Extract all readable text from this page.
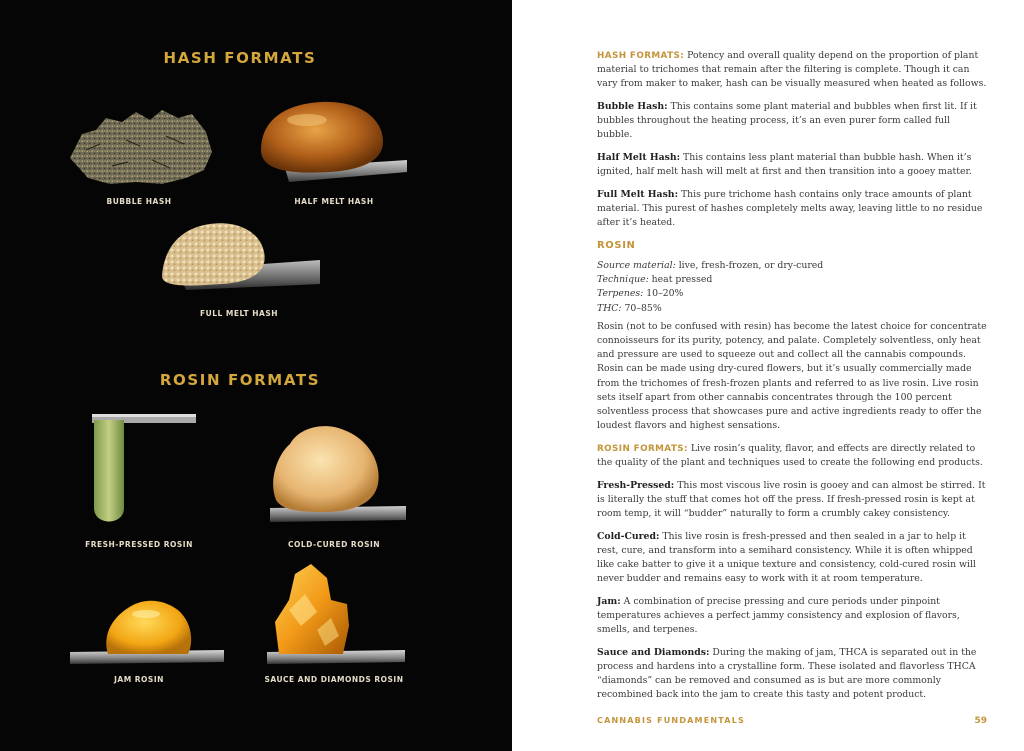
HASH FORMATS
BUBBLE HASH	HALF MELT HASH
FULL MELT HASH
ROSIN FORMATS
FRESH-PRESSED ROSIN	COLD-CURED ROSIN
JAM ROSIN	SAUCE AND DIAMONDS ROSIN

HASH FORMATS: Potency and overall quality depend on the proportion of plant material to trichomes that remain after the filtering is complete. Though it can vary from maker to maker, hash can be visually measured when heated as follows.

Bubble Hash: This contains some plant material and bubbles when first lit. If it bubbles throughout the heating process, it’s an even purer form called full bubble.

Half Melt Hash: This contains less plant material than bubble hash. When it’s ignited, half melt hash will melt at first and then transition into a gooey matter.

Full Melt Hash: This pure trichome hash contains only trace amounts of plant material. This purest of hashes completely melts away, leaving little to no residue after it’s heated.

ROSIN
Source material: live, fresh-frozen, or dry-cured
Technique: heat pressed
Terpenes: 10–20%
THC: 70–85%

Rosin (not to be confused with resin) has become the latest choice for concentrate connoisseurs for its purity, potency, and palate. Completely solventless, only heat and pressure are used to squeeze out and collect all the cannabis compounds. Rosin can be made using dry-cured flowers, but it’s usually commercially made from the trichomes of fresh-frozen plants and referred to as live rosin. Live rosin sets itself apart from other cannabis concentrates through the 100 percent solventless process that showcases pure and active ingredients ready to offer the loudest flavors and highest sensations.

ROSIN FORMATS: Live rosin’s quality, flavor, and effects are directly related to the quality of the plant and techniques used to create the following end products.

Fresh-Pressed: This most viscous live rosin is gooey and can almost be stirred. It is literally the stuff that comes hot off the press. If fresh-pressed rosin is kept at room temp, it will “budder” naturally to form a crumbly cakey consistency.

Cold-Cured: This live rosin is fresh-pressed and then sealed in a jar to help it rest, cure, and transform into a semihard consistency. While it is often whipped like cake batter to give it a unique texture and consistency, cold-cured rosin will never budder and remains easy to work with it at room temperature.

Jam: A combination of precise pressing and cure periods under pinpoint temperatures achieves a perfect jammy consistency and explosion of flavors, smells, and terpenes.

Sauce and Diamonds: During the making of jam, THCA is separated out in the process and hardens into a crystalline form. These isolated and flavorless THCA “diamonds” can be removed and consumed as is but are more commonly recombined back into the jam to create this tasty and potent product.

CANNABIS FUNDAMENTALS	59
